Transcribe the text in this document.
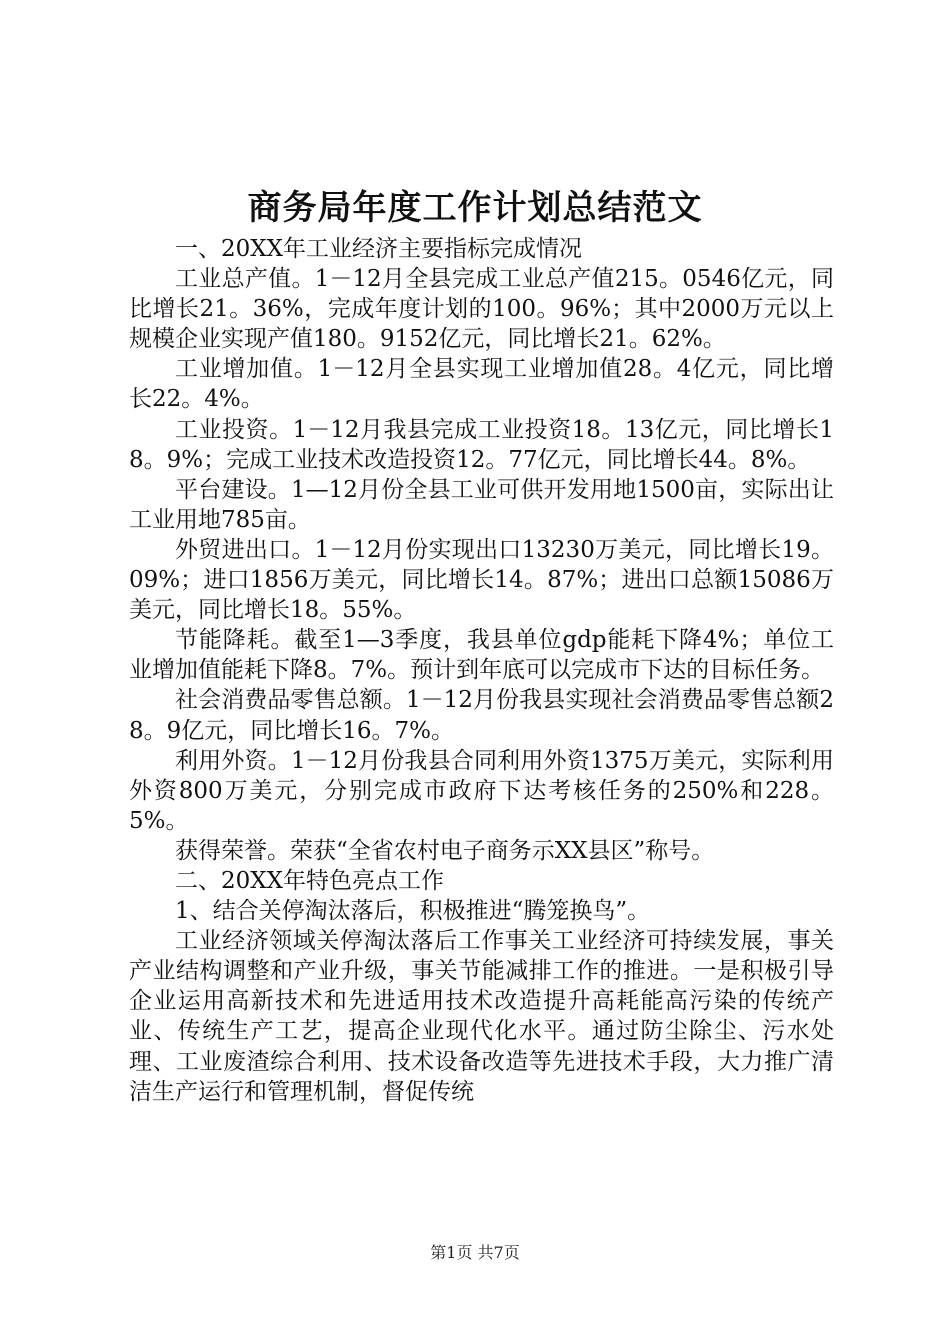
商务局年度工作计划总结范文

一、20XX年工业经济主要指标完成情况

工业总产值。1－12月全县完成工业总产值215。0546亿元，同比增长21。36%，完成年度计划的100。96%；其中2000万元以上规模企业实现产值180。9152亿元，同比增长21。62%。

工业增加值。1－12月全县实现工业增加值28。4亿元，同比增长22。4%。

工业投资。1－12月我县完成工业投资18。13亿元，同比增长18。9%；完成工业技术改造投资12。77亿元，同比增长44。8%。

平台建设。1—12月份全县工业可供开发用地1500亩，实际出让工业用地785亩。

外贸进出口。1－12月份实现出口13230万美元，同比增长19。09%；进口1856万美元，同比增长14。87%；进出口总额15086万美元，同比增长18。55%。

节能降耗。截至1—3季度，我县单位gdp能耗下降4%；单位工业增加值能耗下降8。7%。预计到年底可以完成市下达的目标任务。

社会消费品零售总额。1－12月份我县实现社会消费品零售总额28。9亿元，同比增长16。7%。

利用外资。1－12月份我县合同利用外资1375万美元，实际利用外资800万美元，分别完成市政府下达考核任务的250%和228。5%。

获得荣誉。荣获“全省农村电子商务示XX县区”称号。

二、20XX年特色亮点工作

1、结合关停淘汰落后，积极推进“腾笼换鸟”。

工业经济领域关停淘汰落后工作事关工业经济可持续发展，事关产业结构调整和产业升级，事关节能减排工作的推进。一是积极引导企业运用高新技术和先进适用技术改造提升高耗能高污染的传统产业、传统生产工艺，提高企业现代化水平。通过防尘除尘、污水处理、工业废渣综合利用、技术设备改造等先进技术手段，大力推广清洁生产运行和管理机制，督促传统

第1页 共7页
